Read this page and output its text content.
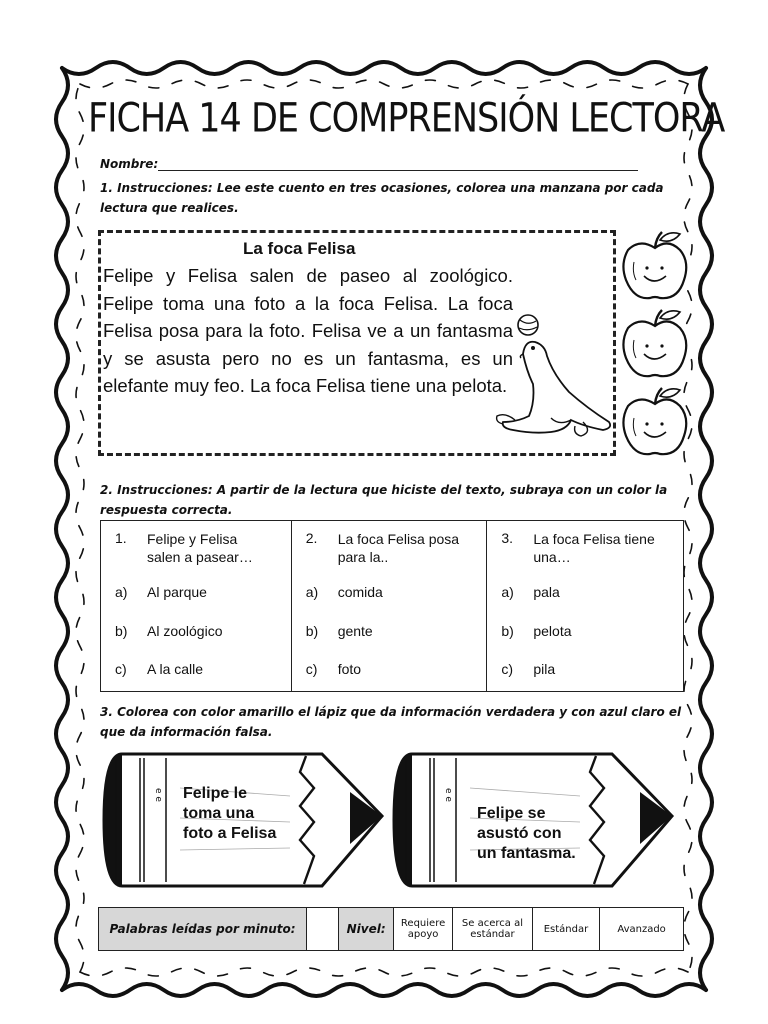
FICHA 14 DE COMPRENSIÓN LECTORA
Nombre:
1. Instrucciones: Lee este cuento en tres ocasiones, colorea una manzana por cada lectura que realices.
La foca Felisa
Felipe y Felisa salen de paseo al zoológico. Felipe toma una foto a la foca Felisa. La foca Felisa posa para la foto. Felisa ve a un fantasma y se asusta pero no es un fantasma, es un elefante muy feo. La foca Felisa tiene una pelota.
2. Instrucciones: A partir de la lectura que hiciste del texto, subraya con un color la respuesta correcta.
1. Felipe y Felisa salen a pasear…
a) Al parque
b) Al zoológico
c) A la calle

2. La foca Felisa posa para la..
a) comida
b) gente
c) foto

3. La foca Felisa tiene una…
a) pala
b) pelota
c) pila
3. Colorea con color amarillo el lápiz que da información verdadera y con azul claro el que da información falsa.
e e Felipe le toma una foto a Felisa
e e
Felipe se asustó con un fantasma.
Palabras leídas por minuto:		Nivel:	Requiere apoyo	Se acerca al estándar	Estándar	Avanzado
